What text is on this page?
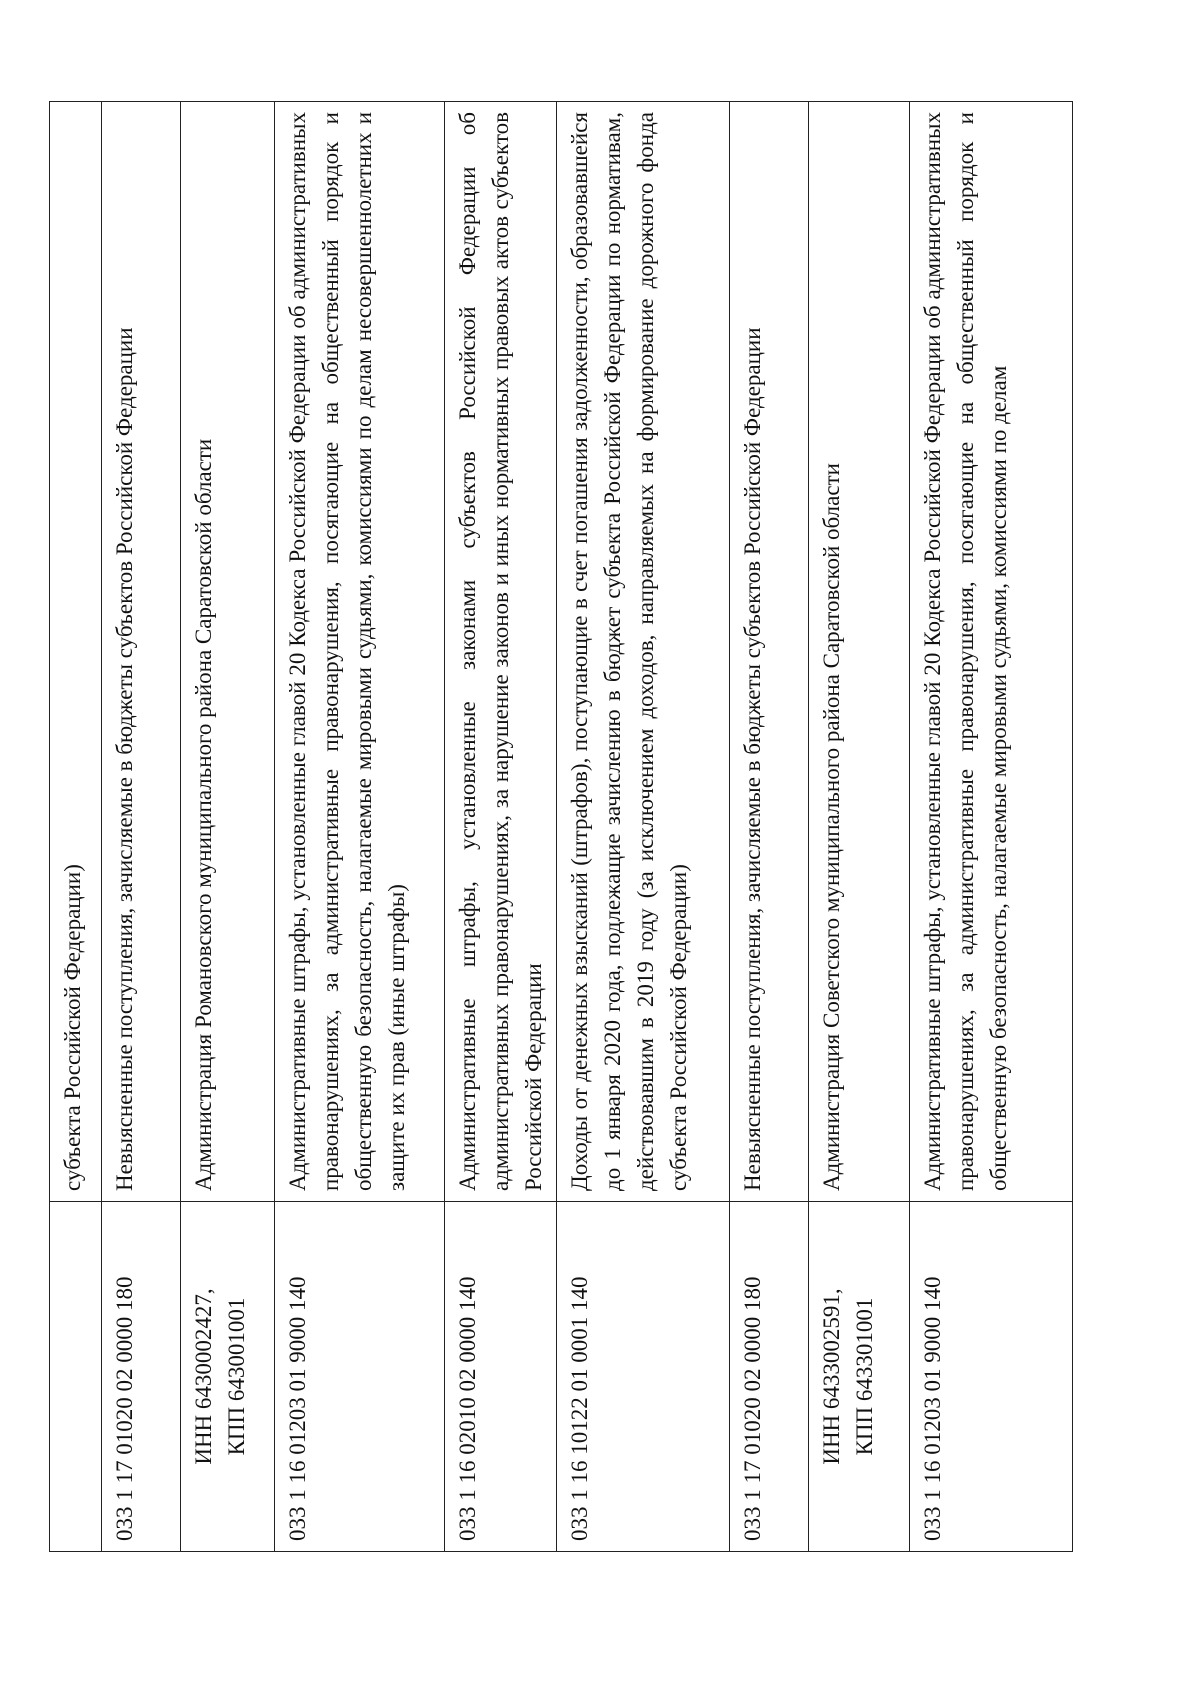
	субъекта Российской Федерации)
033 1 17 01020 02 0000 180	Невыясненные поступления, зачисляемые в бюджеты субъектов Российской Федерации

ИНН 6430002427, КПП 643001001	Администрация Романовского муниципального района Саратовской области
033 1 16 01203 01 9000 140	Административные штрафы, установленные главой 20 Кодекса Российской Федерации об административных правонарушениях, за административные правонарушения, посягающие на общественный порядок и общественную безопасность, налагаемые мировыми судьями, комиссиями по делам несовершеннолетних и защите их прав (иные штрафы)
033 1 16 02010 02 0000 140	Административные штрафы, установленные законами субъектов Российской Федерации об административных правонарушениях, за нарушение законов и иных нормативных правовых актов субъектов Российской Федерации
033 1 16 10122 01 0001 140	Доходы от денежных взысканий (штрафов), поступающие в счет погашения задолженности, образовавшейся до 1 января 2020 года, подлежащие зачислению в бюджет субъекта Российской Федерации по нормативам, действовавшим в 2019 году (за исключением доходов, направляемых на формирование дорожного фонда субъекта Российской Федерации)
033 1 17 01020 02 0000 180	Невыясненные поступления, зачисляемые в бюджеты субъектов Российской Федерации

ИНН 6433002591, КПП 643301001	Администрация Советского муниципального района Саратовской области
033 1 16 01203 01 9000 140	Административные штрафы, установленные главой 20 Кодекса Российской Федерации об административных правонарушениях, за административные правонарушения, посягающие на общественный порядок и общественную безопасность, налагаемые мировыми судьями, комиссиями по делам
